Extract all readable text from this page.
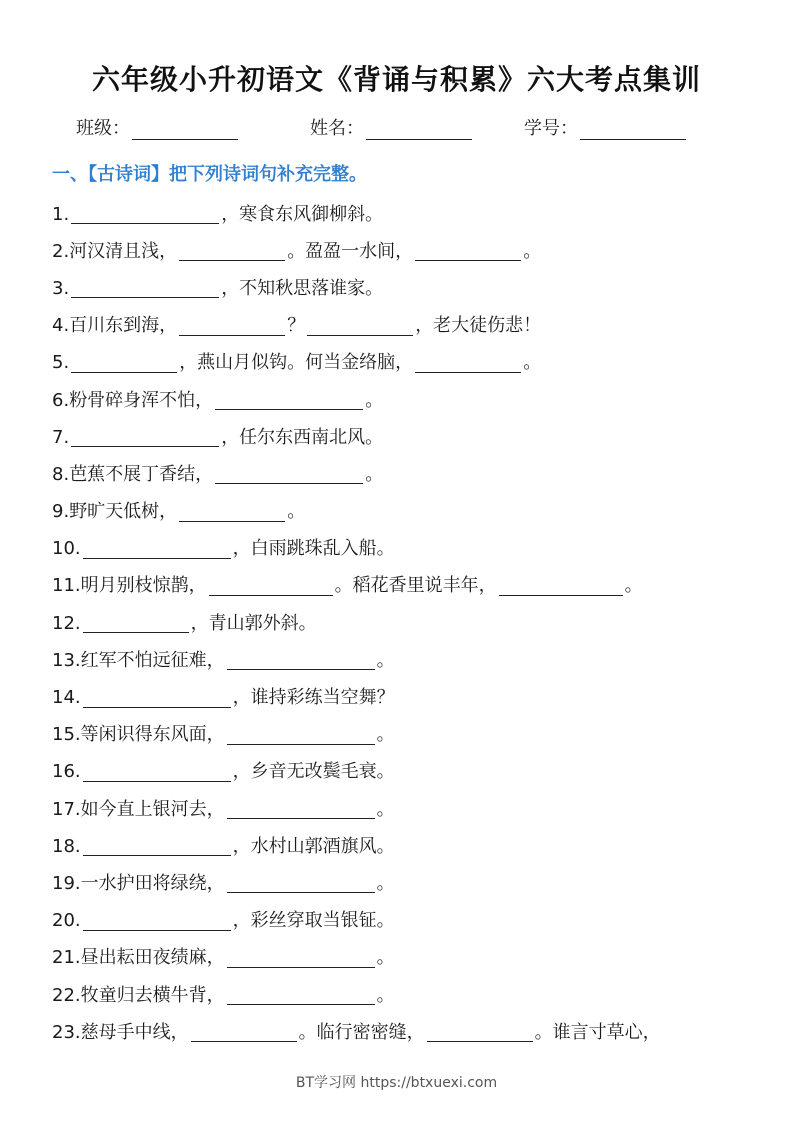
六年级小升初语文《背诵与积累》六大考点集训
班级：	姓名：	学号：
一、【古诗词】把下列诗词句补充完整。
1.	，寒食东风御柳斜。
2. 河汉清且浅，	。盈盈一水间，	。
3.	，不知秋思落谁家。
4. 百川东到海，	？	，老大徒伤悲！
5.	，燕山月似钩。何当金络脑，	。
6. 粉骨碎身浑不怕，	。
7.	，任尔东西南北风。
8. 芭蕉不展丁香结，	。
9. 野旷天低树，	。
10.	，白雨跳珠乱入船。
11. 明月别枝惊鹊，	。稻花香里说丰年，	。
12.	，青山郭外斜。
13. 红军不怕远征难，	。
14.	，谁持彩练当空舞？
15. 等闲识得东风面，	。
16.	，乡音无改鬓毛衰。
17. 如今直上银河去，	。
18.	，水村山郭酒旗风。
19. 一水护田将绿绕，	。
20.	，彩丝穿取当银钲。
21. 昼出耘田夜绩麻，	。
22. 牧童归去横牛背，	。
23. 慈母手中线，	。临行密密缝，	。谁言寸草心，
BT学习网 https://btxuexi.com
